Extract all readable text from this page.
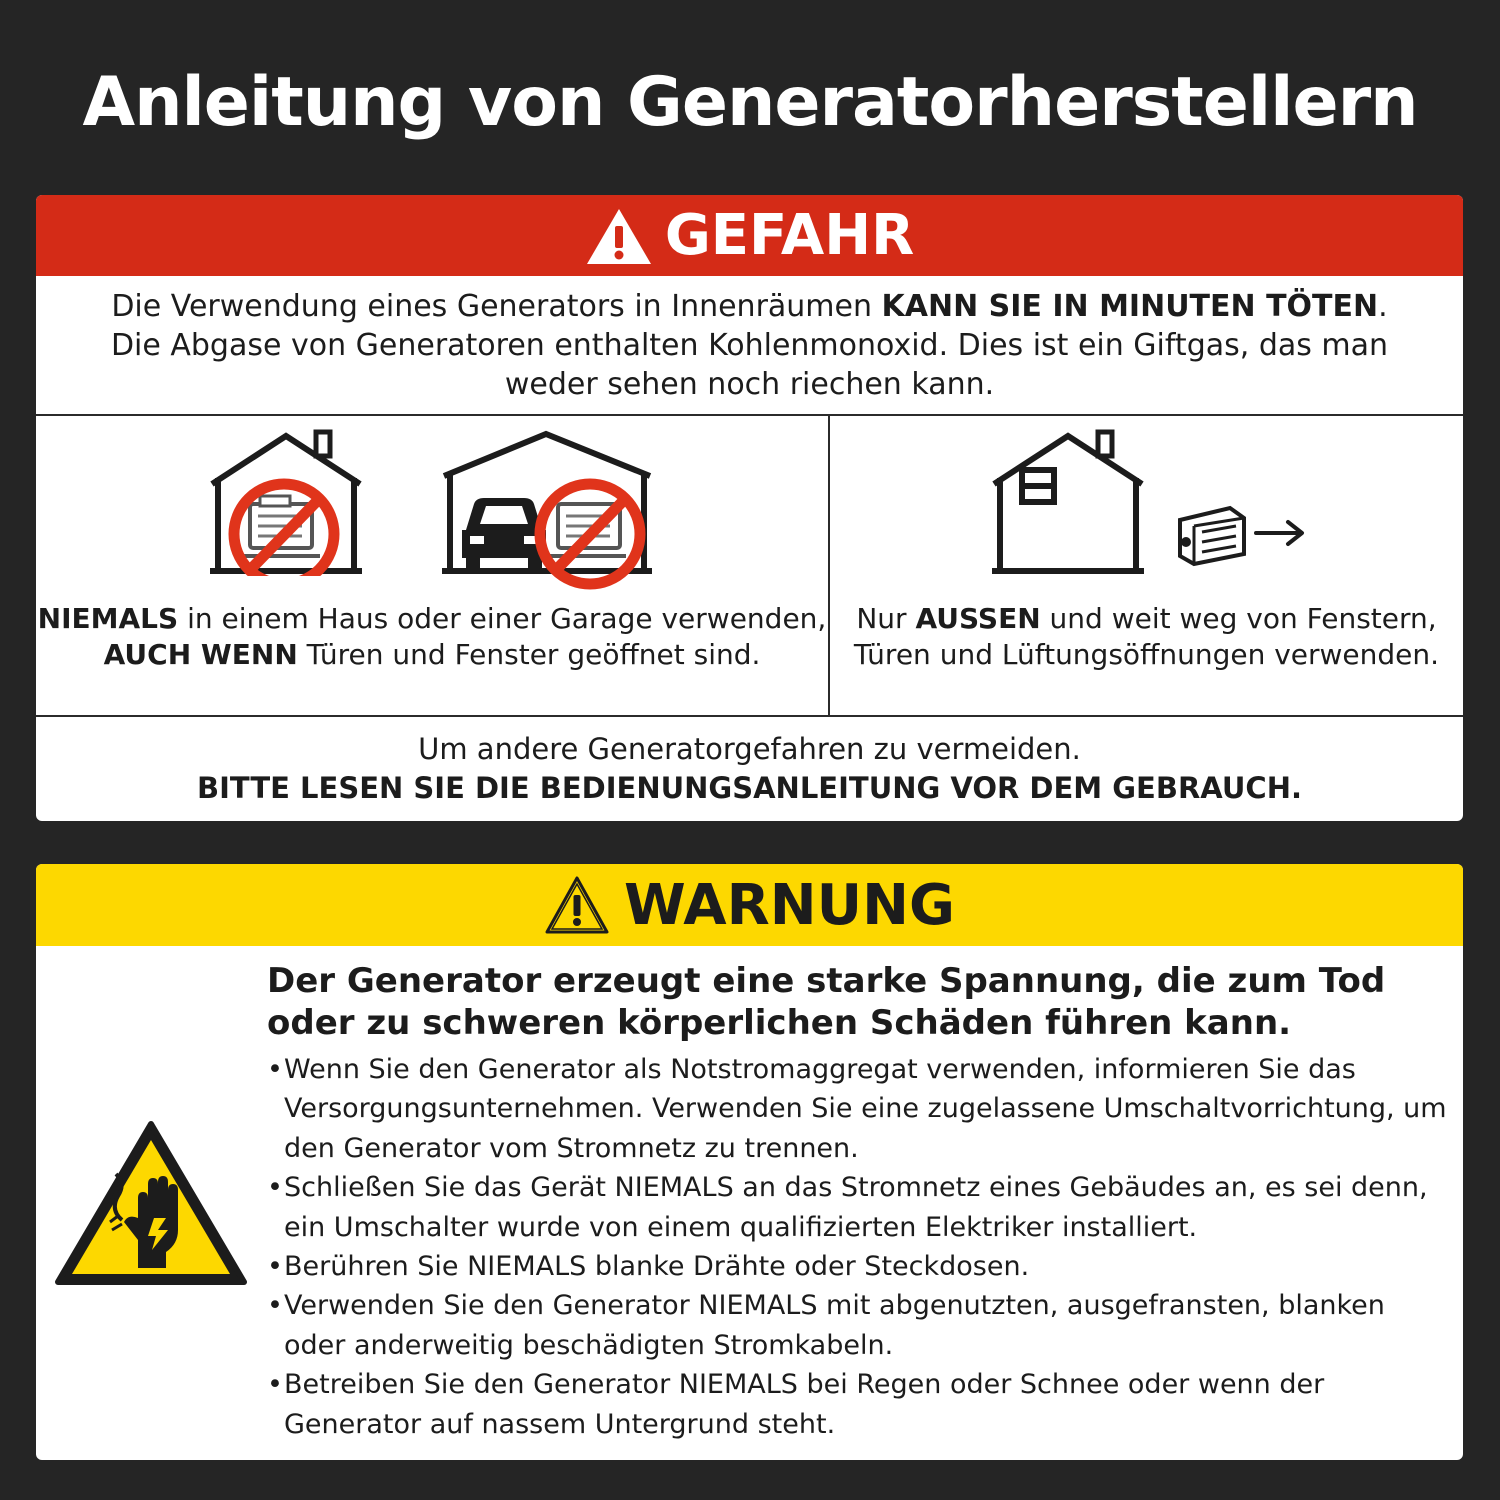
Anleitung von Generatorherstellern
GEFAHR
Die Verwendung eines Generators in Innenräumen KANN SIE IN MINUTEN TÖTEN. Die Abgase von Generatoren enthalten Kohlenmonoxid. Dies ist ein Giftgas, das man weder sehen noch riechen kann.
NIEMALS in einem Haus oder einer Garage verwenden, AUCH WENN Türen und Fenster geöffnet sind.
Nur AUSSEN und weit weg von Fenstern, Türen und Lüftungsöffnungen verwenden.
Um andere Generatorgefahren zu vermeiden.
BITTE LESEN SIE DIE BEDIENUNGSANLEITUNG VOR DEM GEBRAUCH.
WARNUNG
Der Generator erzeugt eine starke Spannung, die zum Tod oder zu schweren körperlichen Schäden führen kann.
• Wenn Sie den Generator als Notstromaggregat verwenden, informieren Sie das Versorgungsunternehmen. Verwenden Sie eine zugelassene Umschaltvorrichtung, um den Generator vom Stromnetz zu trennen.
• Schließen Sie das Gerät NIEMALS an das Stromnetz eines Gebäudes an, es sei denn, ein Umschalter wurde von einem qualifizierten Elektriker installiert.
• Berühren Sie NIEMALS blanke Drähte oder Steckdosen.
• Verwenden Sie den Generator NIEMALS mit abgenutzten, ausgefransten, blanken oder anderweitig beschädigten Stromkabeln.
• Betreiben Sie den Generator NIEMALS bei Regen oder Schnee oder wenn der Generator auf nassem Untergrund steht.
